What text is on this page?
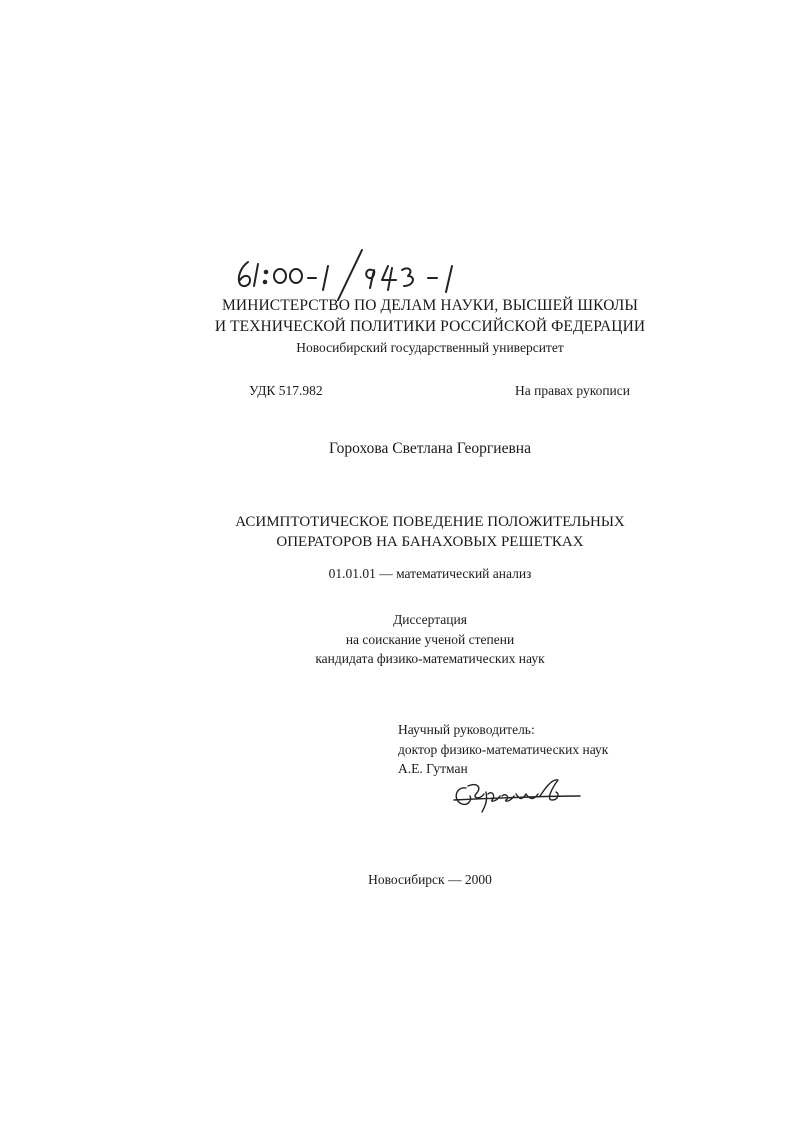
МИНИСТЕРСТВО ПО ДЕЛАМ НАУКИ, ВЫСШЕЙ ШКОЛЫ
И ТЕХНИЧЕСКОЙ ПОЛИТИКИ РОССИЙСКОЙ ФЕДЕРАЦИИ
Новосибирский государственный университет
УДК 517.982	На правах рукописи
Горохова Светлана Георгиевна
АСИМПТОТИЧЕСКОЕ ПОВЕДЕНИЕ ПОЛОЖИТЕЛЬНЫХ
ОПЕРАТОРОВ НА БАНАХОВЫХ РЕШЕТКАХ
01.01.01 — математический анализ
Диссертация
на соискание ученой степени
кандидата физико-математических наук
Научный руководитель:
доктор физико-математических наук
А.Е. Гутман
Новосибирск — 2000
